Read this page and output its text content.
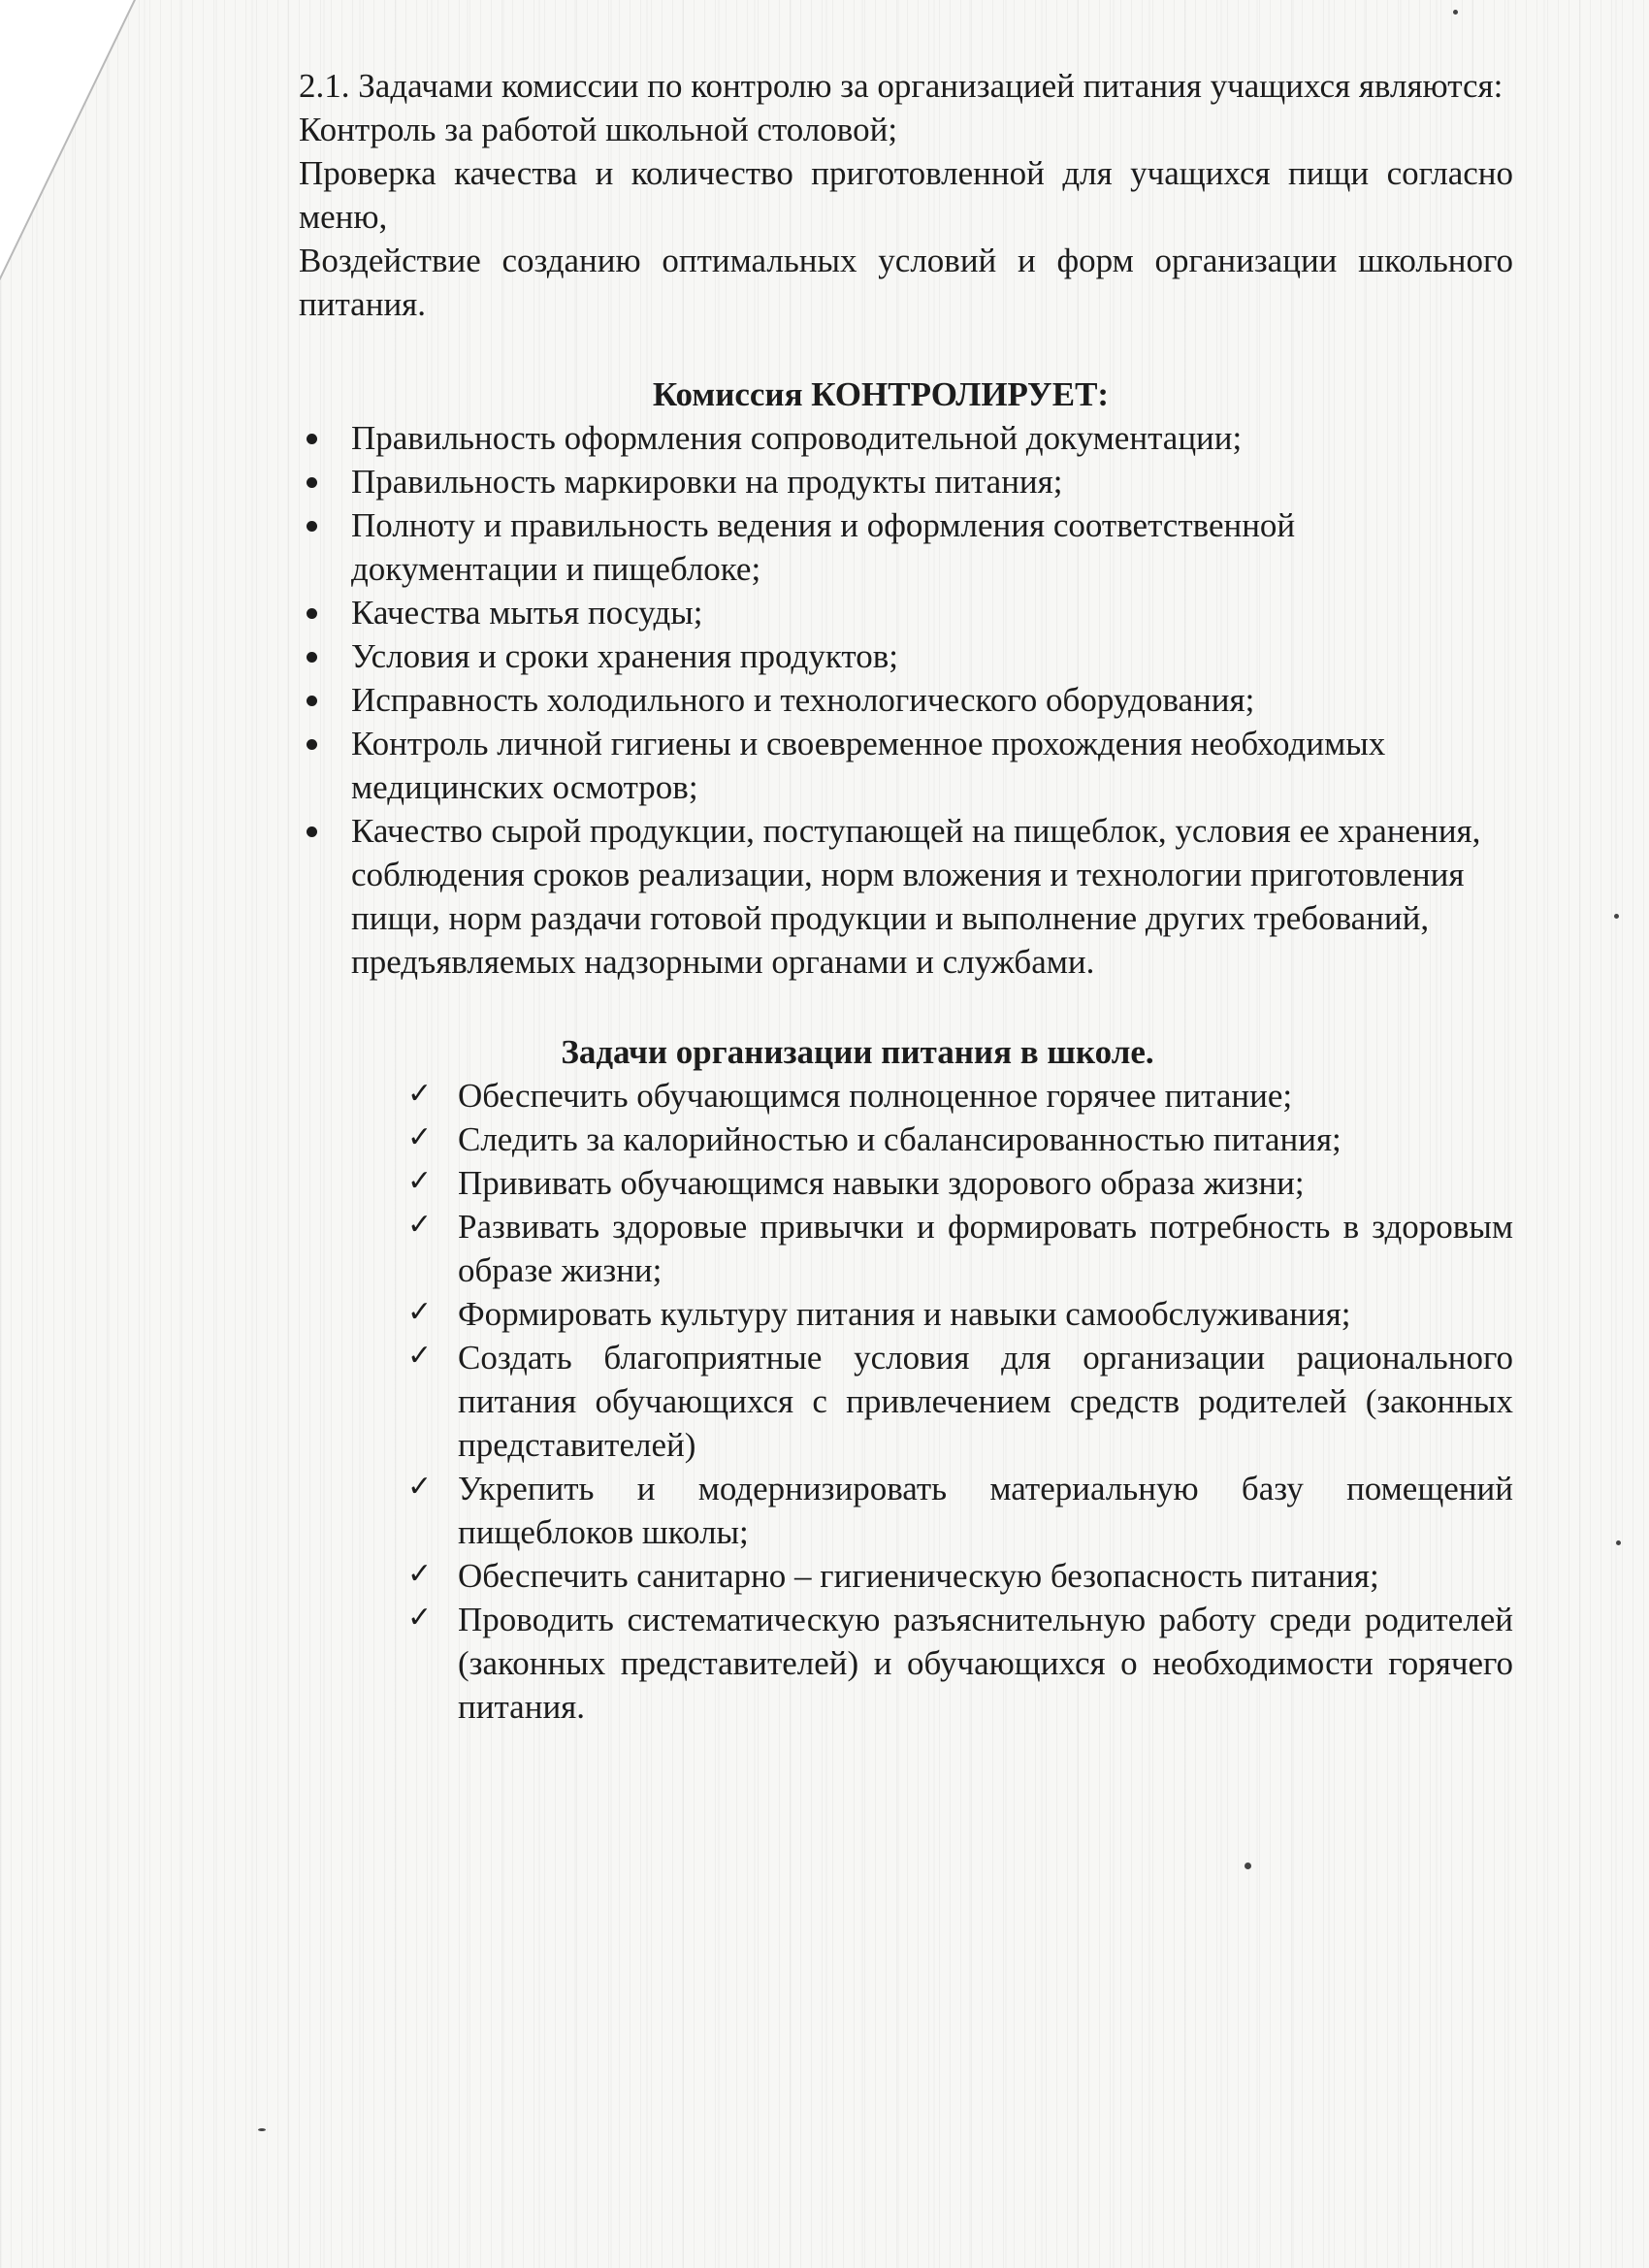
2.1. Задачами комиссии по контролю за организацией питания учащихся являются:

Контроль за работой школьной столовой;

Проверка качества и количество приготовленной для учащихся пищи согласно меню,

Воздействие созданию оптимальных условий и форм организации школьного питания.

Комиссия КОНТРОЛИРУЕТ:

Правильность оформления сопроводительной документации;
Правильность маркировки на продукты питания;
Полноту и правильность ведения и оформления соответственной документации и пищеблоке;
Качества мытья посуды;
Условия и сроки хранения продуктов;
Исправность холодильного и технологического оборудования;
Контроль личной гигиены и своевременное прохождения необходимых медицинских осмотров;
Качество сырой продукции, поступающей на пищеблок, условия ее хранения, соблюдения сроков реализации, норм вложения и технологии приготовления пищи, норм раздачи готовой продукции и выполнение других требований, предъявляемых надзорными органами и службами.

Задачи организации питания в школе.

✓ Обеспечить обучающимся полноценное горячее питание;
✓ Следить за калорийностью и сбалансированностью питания;
✓ Прививать обучающимся навыки здорового образа жизни;
✓ Развивать здоровые привычки и формировать потребность в здоровым образе жизни;
✓ Формировать культуру питания и навыки самообслуживания;
✓ Создать благоприятные условия для организации рационального питания обучающихся с привлечением средств родителей (законных представителей)
✓ Укрепить и модернизировать материальную базу помещений пищеблоков школы;
✓ Обеспечить санитарно – гигиеническую безопасность питания;
✓ Проводить систематическую разъяснительную работу среди родителей (законных представителей) и обучающихся о необходимости горячего питания.
